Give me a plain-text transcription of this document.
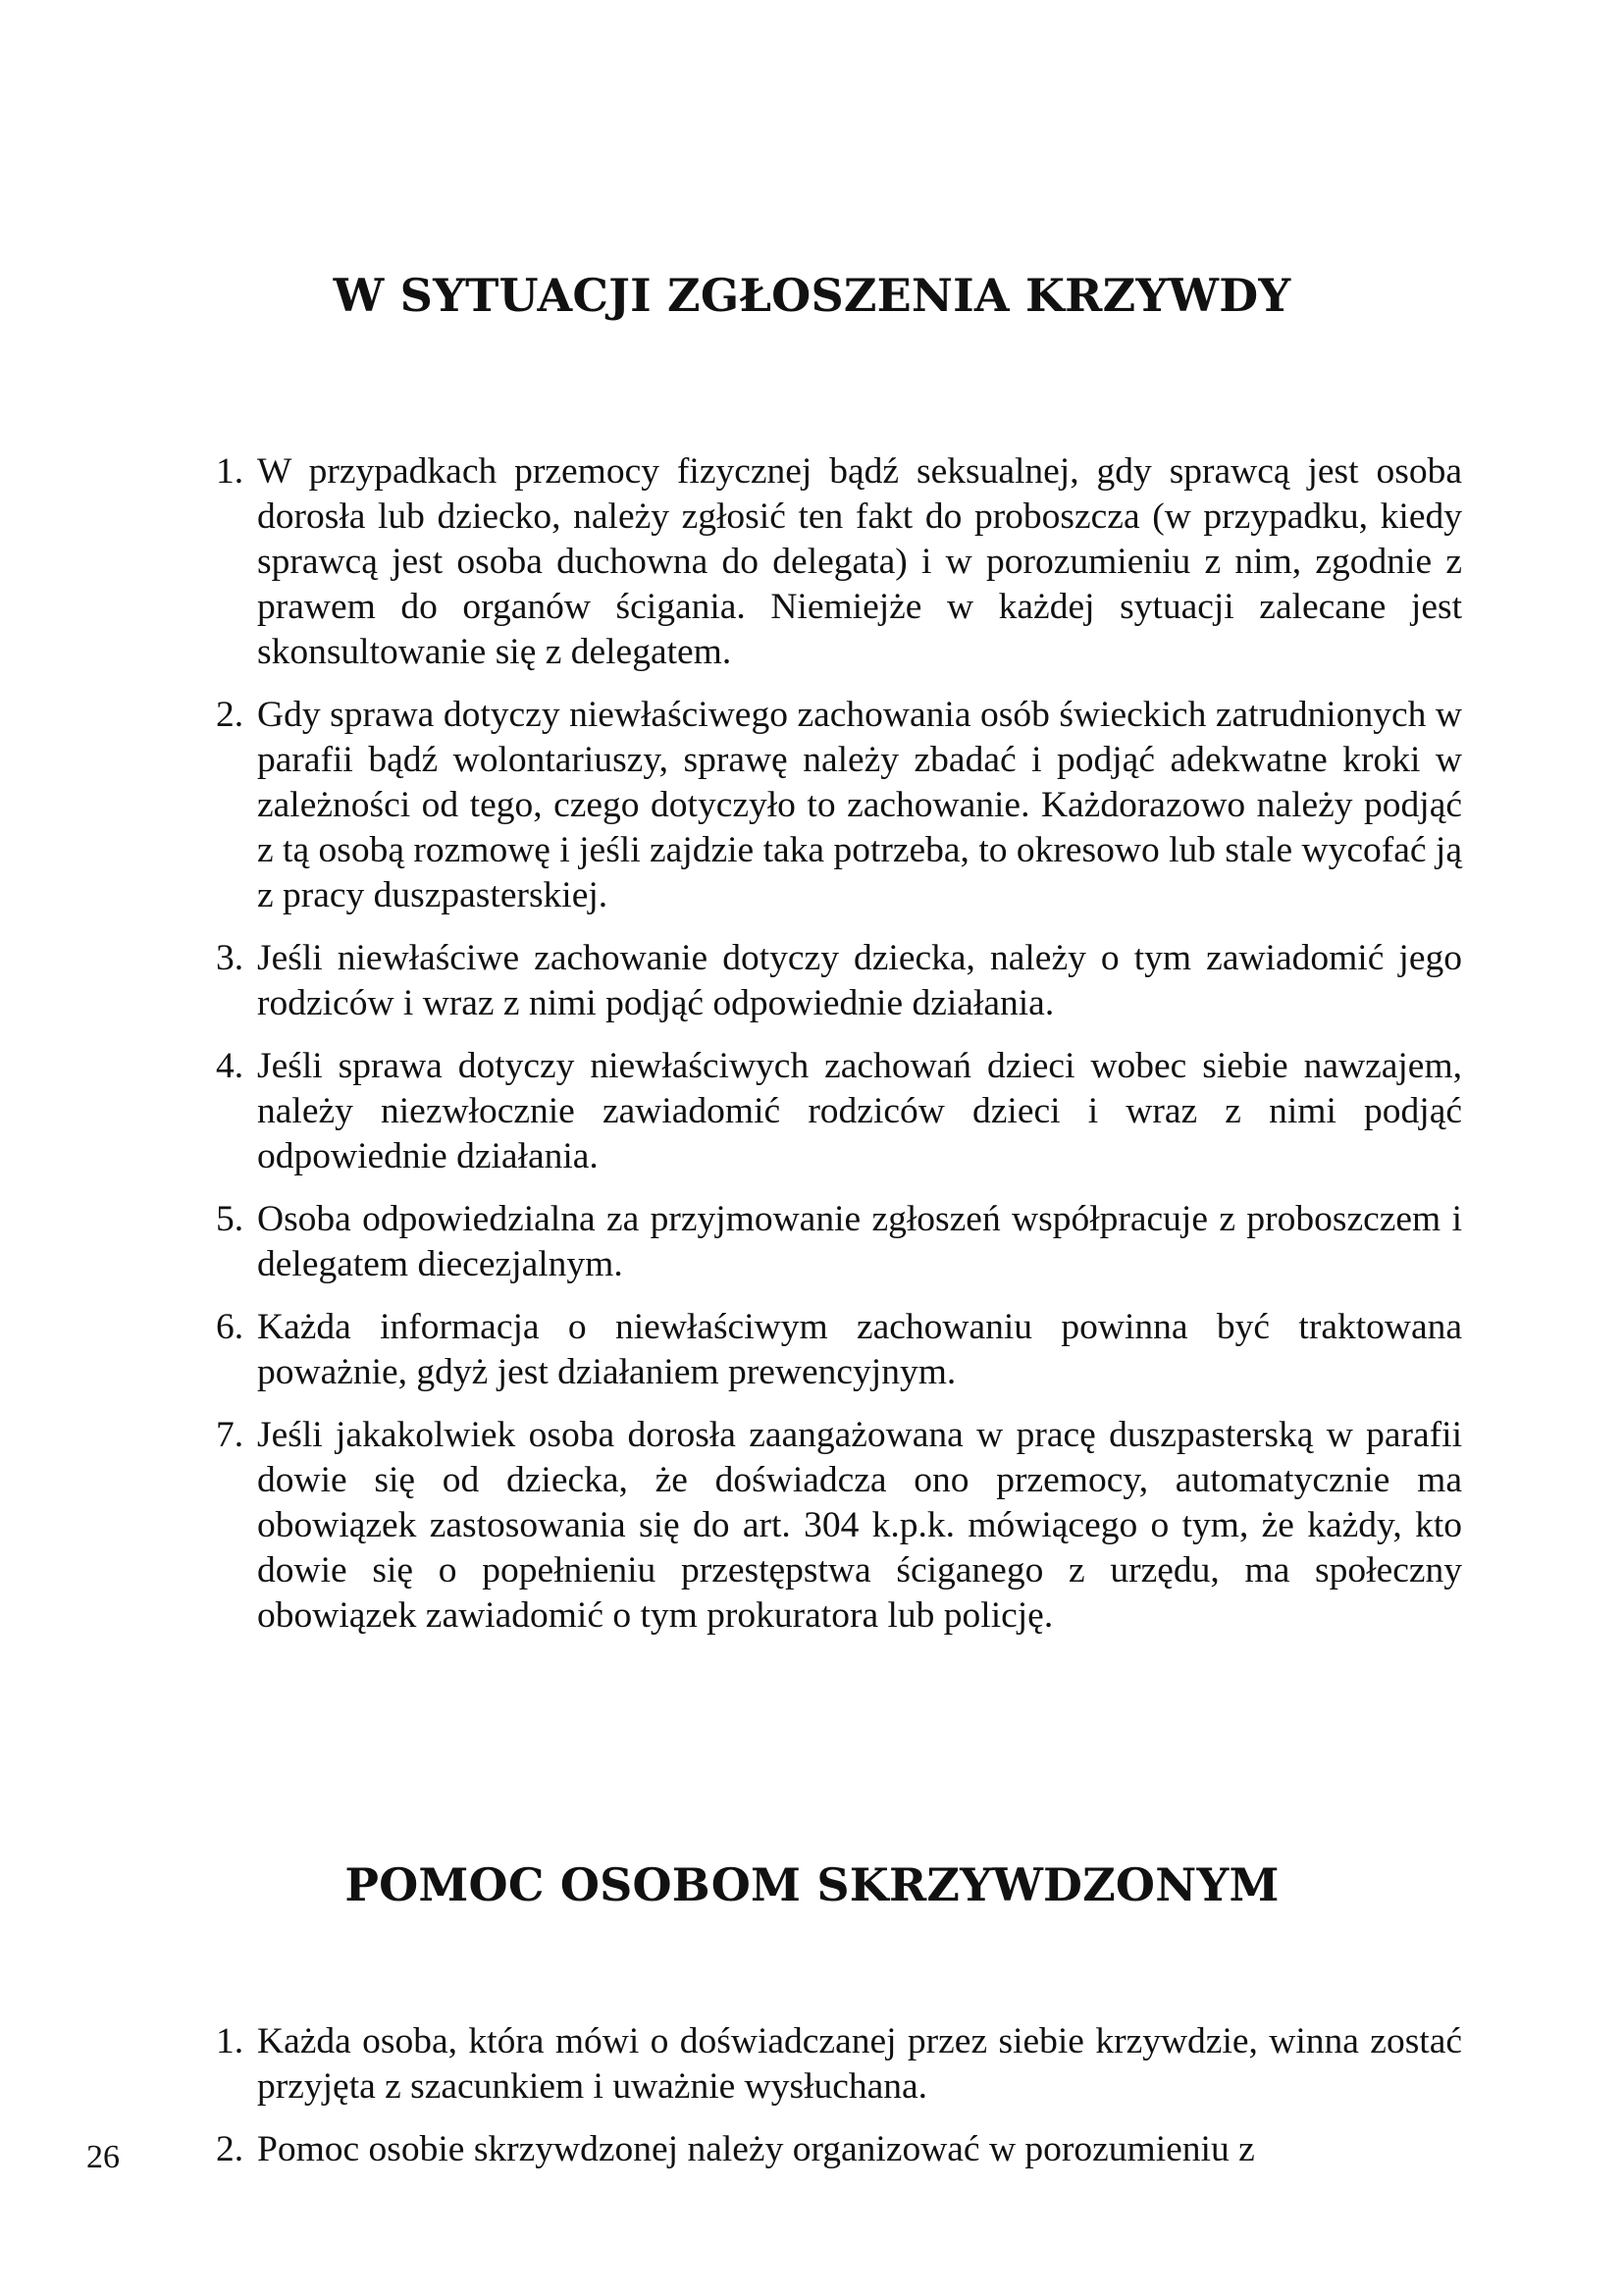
W SYTUACJI ZGŁOSZENIA KRZYWDY
1. W przypadkach przemocy fizycznej bądź seksualnej, gdy sprawcą jest osoba dorosła lub dziecko, należy zgłosić ten fakt do proboszcza (w przypadku, kiedy sprawcą jest osoba duchowna do delegata) i w porozumieniu z nim, zgodnie z prawem do organów ścigania. Niemiejże w każdej sytuacji zalecane jest skonsultowanie się z delegatem.
2. Gdy sprawa dotyczy niewłaściwego zachowania osób świeckich zatrudnionych w parafii bądź wolontariuszy, sprawę należy zbadać i podjąć adekwatne kroki w zależności od tego, czego dotyczyło to zachowanie. Każdorazowo należy podjąć z tą osobą rozmowę i jeśli zajdzie taka potrzeba, to okresowo lub stale wycofać ją z pracy duszpasterskiej.
3. Jeśli niewłaściwe zachowanie dotyczy dziecka, należy o tym zawiadomić jego rodziców i wraz z nimi podjąć odpowiednie działania.
4. Jeśli sprawa dotyczy niewłaściwych zachowań dzieci wobec siebie nawzajem, należy niezwłocznie zawiadomić rodziców dzieci i wraz z nimi podjąć odpowiednie działania.
5. Osoba odpowiedzialna za przyjmowanie zgłoszeń współpracuje z proboszczem i delegatem diecezjalnym.
6. Każda informacja o niewłaściwym zachowaniu powinna być traktowana poważnie, gdyż jest działaniem prewencyjnym.
7. Jeśli jakakolwiek osoba dorosła zaangażowana w pracę duszpasterską w parafii dowie się od dziecka, że doświadcza ono przemocy, automatycznie ma obowiązek zastosowania się do art. 304 k.p.k. mówiącego o tym, że każdy, kto dowie się o popełnieniu przestępstwa ściganego z urzędu, ma społeczny obowiązek zawiadomić o tym prokuratora lub policję.
POMOC OSOBOM SKRZYWDZONYM
1. Każda osoba, która mówi o doświadczanej przez siebie krzywdzie, winna zostać przyjęta z szacunkiem i uważnie wysłuchana.
2. Pomoc osobie skrzywdzonej należy organizować w porozumieniu z
26
